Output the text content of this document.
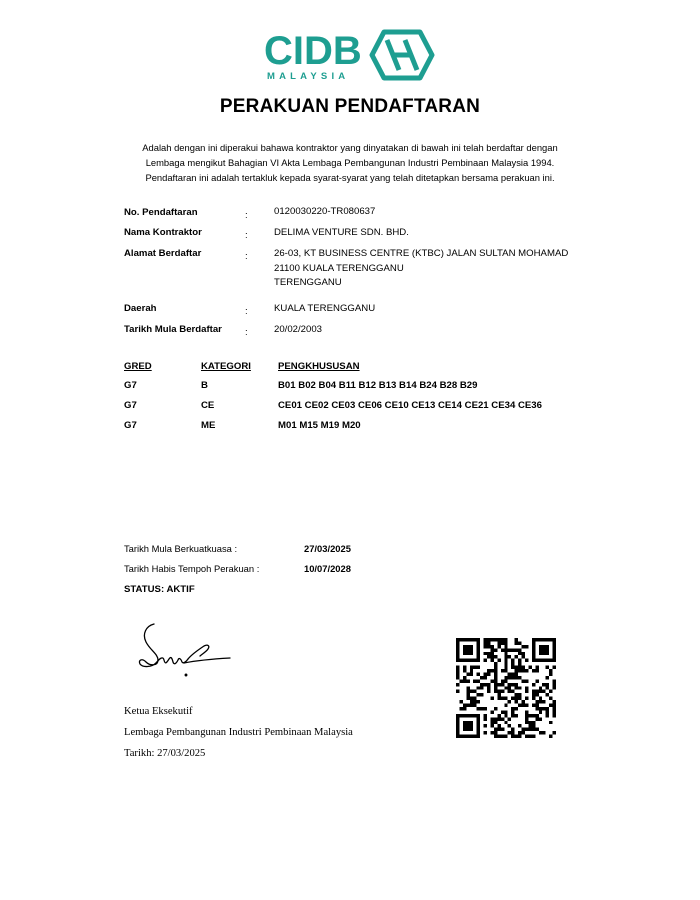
CIDB
MALAYSIA
PERAKUAN PENDAFTARAN
Adalah dengan ini diperakui bahawa kontraktor yang dinyatakan di bawah ini telah berdaftar dengan
Lembaga mengikut Bahagian VI Akta Lembaga Pembangunan Industri Pembinaan Malaysia 1994.
Pendaftaran ini adalah tertakluk kepada syarat-syarat yang telah ditetapkan bersama perakuan ini.
No. Pendaftaran	:	0120030220-TR080637
Nama Kontraktor	:	DELIMA VENTURE SDN. BHD.
Alamat Berdaftar	:	26-03, KT BUSINESS CENTRE (KTBC) JALAN SULTAN MOHAMAD
21100 KUALA TERENGGANU
TERENGGANU
Daerah	:	KUALA TERENGGANU
Tarikh Mula Berdaftar :	20/02/2003
GRED	KATEGORI	PENGKHUSUSAN
G7	B	B01 B02 B04 B11 B12 B13 B14 B24 B28 B29
G7	CE	CE01 CE02 CE03 CE06 CE10 CE13 CE14 CE21 CE34 CE36
G7	ME	M01 M15 M19 M20
Tarikh Mula Berkuatkuasa :	27/03/2025
Tarikh Habis Tempoh Perakuan :	10/07/2028
STATUS: AKTIF
Ketua Eksekutif
Lembaga Pembangunan Industri Pembinaan Malaysia
Tarikh: 27/03/2025
